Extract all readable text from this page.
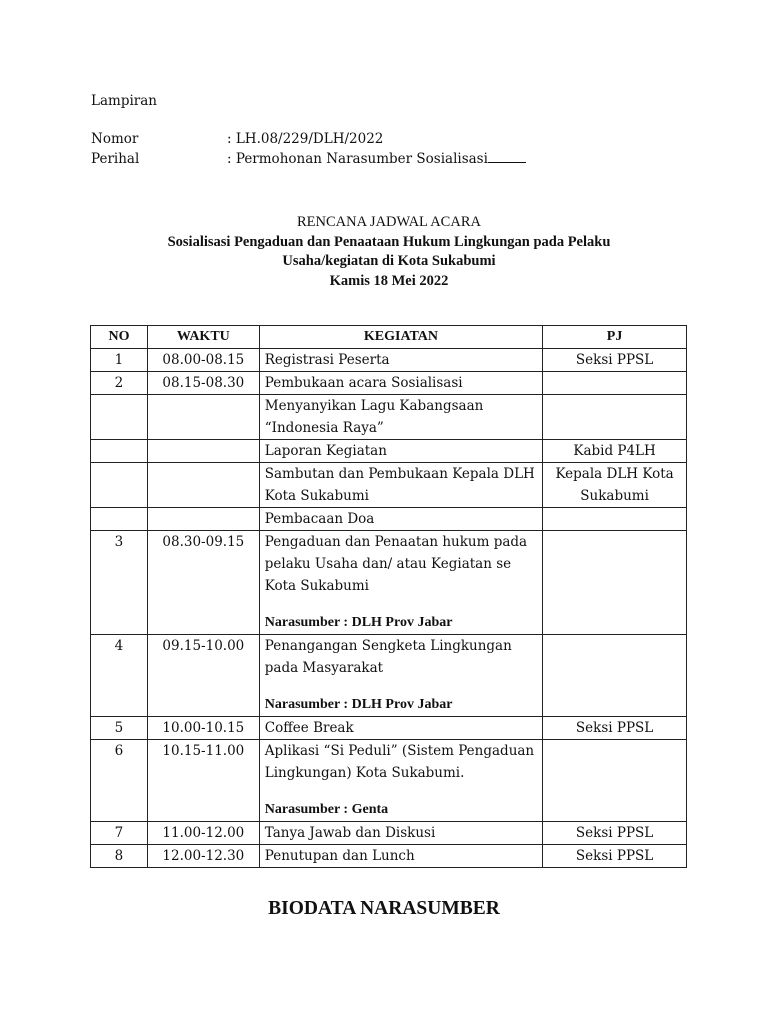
Lampiran
Nomor	: LH.08/229/DLH/2022
Perihal	: Permohonan Narasumber Sosialisasi
RENCANA JADWAL ACARA
Sosialisasi Pengaduan dan Penaataan Hukum Lingkungan pada Pelaku
Usaha/kegiatan di Kota Sukabumi
Kamis 18 Mei 2022
NO	WAKTU	KEGIATAN	PJ
1	08.00-08.15	Registrasi Peserta	Seksi PPSL
2	08.15-08.30	Pembukaan acara Sosialisasi	
		Menyanyikan Lagu Kabangsaan “Indonesia Raya”	
		Laporan Kegiatan	Kabid P4LH
		Sambutan dan Pembukaan Kepala DLH Kota Sukabumi	Kepala DLH Kota Sukabumi
		Pembacaan Doa	
3	08.30-09.15	Pengaduan dan Penaatan hukum pada pelaku Usaha dan/ atau Kegiatan se Kota Sukabumi
Narasumber : DLH Prov Jabar	
4	09.15-10.00	Penangangan Sengketa Lingkungan pada Masyarakat
Narasumber : DLH Prov Jabar	
5	10.00-10.15	Coffee Break	Seksi PPSL
6	10.15-11.00	Aplikasi “Si Peduli” (Sistem Pengaduan Lingkungan) Kota Sukabumi.
Narasumber : Genta	
7	11.00-12.00	Tanya Jawab dan Diskusi	Seksi PPSL
8	12.00-12.30	Penutupan dan Lunch	Seksi PPSL
BIODATA NARASUMBER
